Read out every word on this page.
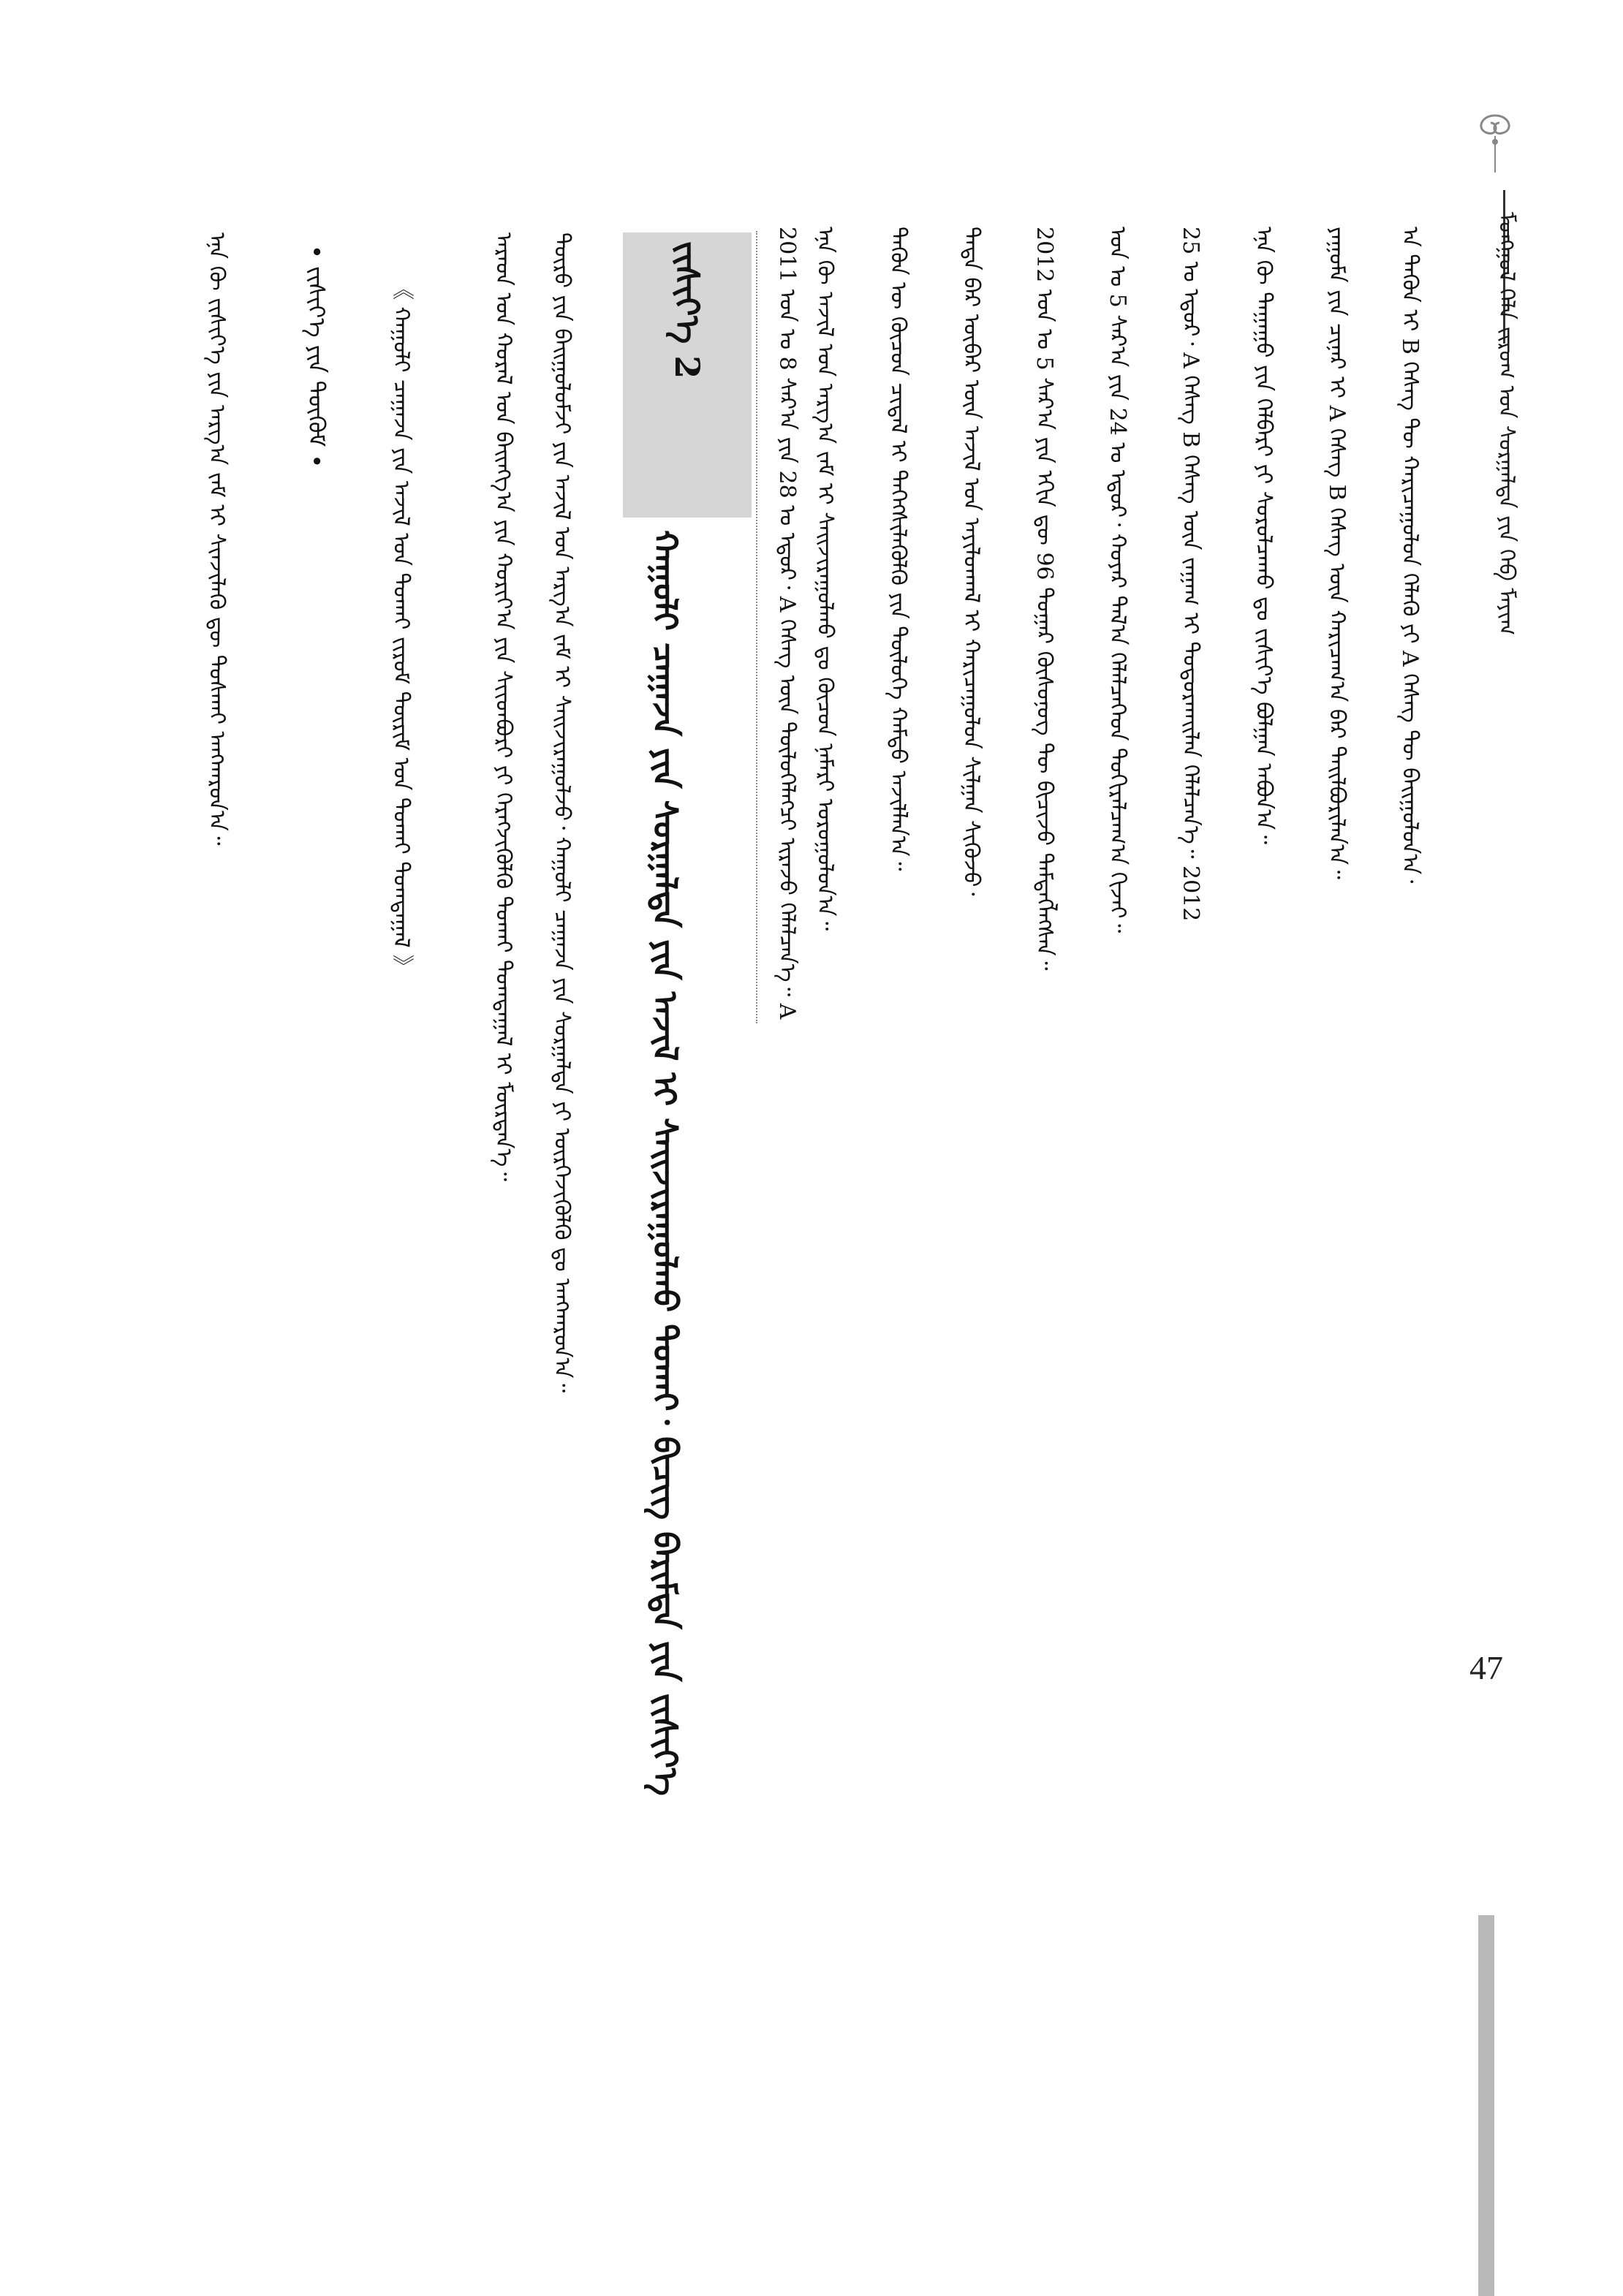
47
ᠮᠣᠩᠭᠣᠯ ᠬᠡᠯᠡ ᠵᠢᠷᠤᠭ ᠤᠨ ᠰᠤᠷᠭᠠᠯᠲᠠ ᠶᠢᠨ ᠬᠡᠪ ᠮᠠᠶᠢᠭ
ᠠ ᠲᠡᠭᠦᠨ ᠢ B ᠬᠡᠰᠡᠭ ᠲᠦ ᠬᠠᠷᠢᠴᠠᠭᠤᠯᠤᠨ ᠬᠡᠯᠡᠬᠦ ᠶᠢ A ᠬᠡᠰᠡᠭ ᠲᠦ ᠪᠠᠢᠭᠤᠯᠤᠨ᠎ᠠ᠂
ᠶᠠᠭᠤᠮᠠ ᠶᠢᠨ ᠴᠢᠨᠠᠷ ᠢ A ᠬᠡᠰᠡᠭ B ᠬᠡᠰᠡᠭ ᠦᠨ ᠬᠠᠷᠢᠴᠠᠭ᠎ᠠ ᠪᠠᠷ ᠲᠠᠢᠯᠪᠤᠷᠢᠯᠠᠨ᠎ᠠ᠃
ᠡᠨᠡ ᠬᠦ ᠳᠠᠭᠠᠭᠤ ᠶᠢᠨ ᠬᠡᠯᠪᠡᠷᠢ ᠶᠢ ᠰᠤᠷᠤᠯᠴᠠᠬᠤ ᠳᠤ ᠵᠢᠱᠢᠶ᠎ᠡ ᠪᠤᠯᠭᠠᠨ ᠠᠪᠤᠨ᠎ᠠ᠃
25 ᠤ ᠡᠳᠦᠷ᠂ A ᠬᠡᠰᠡᠭ B ᠬᠡᠰᠡᠭ ᠦᠨ ᠵᠠᠭᠠᠭ ᠢ ᠲᠣᠳᠤᠷᠬᠠᠢᠯᠠᠨ ᠬᠡᠯᠡᠯᠴᠡᠨ᠎ᠡ᠃ 2012
ᠤᠨ ᠤ 5 ᠰᠠᠷ᠎ᠠ ᠶᠢᠨ 24 ᠤ ᠡᠳᠦᠷ᠂ ᠬᠣᠶᠠᠷ ᠲᠠᠯ᠎ᠠ ᠬᠡᠯᠡᠯᠴᠡᠭᠡᠳ ᠲᠤᠬᠢᠷᠠᠯᠴᠠᠭ᠎ᠠ ᠬᠢᠵᠡᠢ᠃
2012 ᠣᠨ ᠤ 5 ᠰᠠᠷ᠎ᠠ ᠶᠢᠨ ᠡᠬᠢᠨ ᠳᠦ 96 ᠳᠤᠭᠠᠷ ᠬᠦᠰᠦᠨᠦᠭ ᠲᠦ ᠪᠢᠴᠢᠵᠦ ᠲᠡᠮᠳᠡᠭᠯᠡᠭᠰᠡᠨ᠃
ᠲᠡᠳᠡ ᠪᠡᠷ ᠦᠪᠡᠷ ᠦᠨ ᠠᠵᠢᠯ ᠤᠨ ᠠᠶᠢᠯᠳᠬᠠᠯ ᠢ ᠬᠠᠷᠢᠴᠠᠭᠤᠯᠤᠨ ᠰᠢᠯᠭᠠᠨ ᠰᠢᠭᠦᠵᠦ᠂
ᠲᠡᠭᠦᠨ ᠦ ᠬᠦᠴᠦᠨ ᠴᠢᠳᠠᠯ ᠢ ᠳᠡᠭᠡᠭᠰᠢᠯᠡᠭᠦᠯᠬᠦ ᠶᠢᠨ ᠲᠥᠯᠦᠭᠡ ᠬᠠᠮᠲᠤ ᠠᠵᠢᠯᠯᠠᠨ᠎ᠠ᠃
ᠡᠨᠡ ᠬᠦ ᠠᠵᠢᠯ ᠤᠨ ᠠᠷᠭ᠎ᠠ ᠵᠠᠮ ᠢ ᠰᠠᠢᠵᠢᠷᠠᠭᠤᠯᠬᠤ ᠳᠤ ᠬᠦᠴᠦᠨ ᠨᠡᠮᠡᠷᠢ ᠣᠷᠤᠭᠤᠯᠤᠨ᠎ᠠ᠃
2011 ᠣᠨ ᠤ 8 ᠰᠠᠷ᠎ᠠ ᠶᠢᠨ 28 ᠤ ᠡᠳᠦᠷ᠂ A ᠬᠡᠰᠡᠭ ᠦᠨ ᠲᠥᠯᠦᠭᠡᠯᠡᠭᠴᠢ ᠢᠷᠡᠵᠦ ᠬᠡᠯᠡᠯᠴᠡᠨ᠎ᠡ᠃ A
ᠵᠢᠱᠢᠶ᠎ᠡ 2
ᠬᠠᠭᠤᠯᠢ ᠴᠠᠭᠠᠵᠠ ᠶᠢᠨ ᠰᠤᠷᠭᠠᠯᠲᠠ ᠶᠢᠨ ᠠᠵᠢᠯ ᠢ ᠰᠠᠢᠵᠢᠷᠠᠭᠤᠯᠬᠤ ᠲᠤᠬᠠᠢ᠂ ᠪᠢᠴᠢᠭ ᠪᠠᠷᠢᠮᠲᠠ ᠶᠢᠨ ᠵᠢᠱᠢᠶ᠎ᠡ
ᠲᠥᠷᠥ ᠶᠢᠨ ᠪᠠᠢᠭᠤᠯᠤᠮᠵᠢ ᠶᠢᠨ ᠠᠵᠢᠯ ᠤᠨ ᠠᠷᠭ᠎ᠠ ᠵᠠᠮ ᠢ ᠰᠠᠢᠵᠢᠷᠠᠭᠤᠯᠵᠤ᠂ ᠬᠠᠭᠤᠯᠢ ᠴᠠᠭᠠᠵᠠ ᠶᠢᠨ ᠰᠤᠷᠭᠠᠯᠲᠠ ᠶᠢ ᠦᠷᠭᠡᠵᠢᠭᠦᠯᠬᠦ ᠳᠤ ᠠᠨᠭᠬᠠᠷᠤᠨ᠎ᠠ᠃
ᠠᠷᠠᠳ ᠤᠨ ᠬᠤᠷᠠᠯ ᠤᠨ ᠪᠠᠢᠩᠭ᠎ᠠ ᠶᠢᠨ ᠬᠣᠷᠢᠶ᠎ᠠ ᠶᠢᠨ ᠰᠢᠢᠳᠪᠦᠷᠢ ᠶᠢ ᠬᠡᠷᠡᠭᠵᠢᠭᠦᠯᠬᠦ ᠲᠤᠬᠠᠢ ᠲᠣᠭᠲᠠᠭᠠᠯ ᠢ ᠮᠥᠷᠳᠡᠨ᠎ᠡ᠃
《 ᠬᠠᠭᠤᠯᠢ ᠴᠠᠭᠠᠵᠠ ᠶᠢᠨ ᠠᠵᠢᠯ ᠤᠨ ᠲᠤᠬᠠᠢ ᠵᠢᠷᠤᠮ ᠳᠦᠷᠢᠮ ᠤᠨ ᠲᠤᠬᠠᠢ ᠲᠣᠭᠲᠠᠭᠠᠯ 》
• ᠵᠢᠱᠢᠶ᠎ᠡ ᠶᠢᠨ ᠳᠦᠭᠦᠮ •
ᠡᠨᠡ ᠬᠦ ᠵᠢᠱᠢᠶ᠎ᠡ ᠶᠢᠨ ᠠᠷᠭ᠎ᠠ ᠵᠠᠮ ᠢ ᠰᠢᠨᠵᠢᠯᠡᠬᠦ ᠳᠦ ᠲᠤᠰᠬᠠᠢ ᠠᠨᠭᠬᠠᠷᠤᠨ᠎ᠠ᠃
